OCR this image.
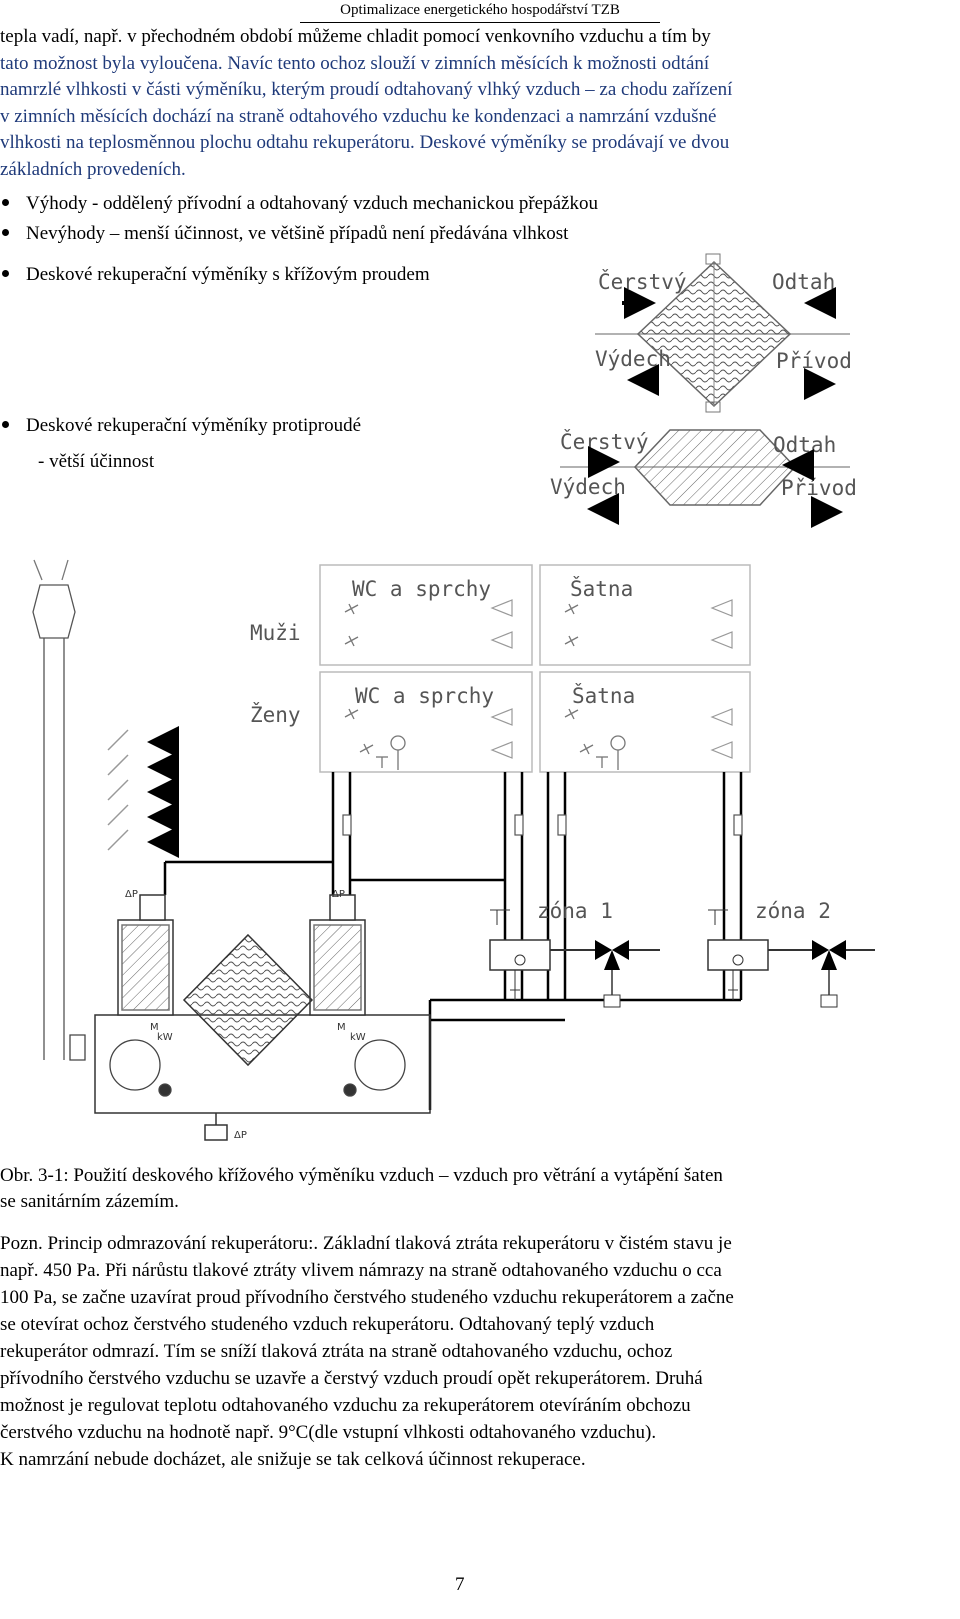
Optimalizace energetického hospodářství TZB
tepla vadí, např. v přechodném období můžeme chladit pomocí venkovního vzduchu a tím by
tato možnost byla vyloučena. Navíc tento ochoz slouží v zimních měsících k možnosti odtání
namrzlé vlhkosti v části výměníku, kterým proudí odtahovaný vlhký vzduch – za chodu zařízení
v zimních měsících dochází na straně odtahového vzduchu ke kondenzaci a namrzání vzdušné
vlhkosti na teplosměnnou plochu odtahu rekuperátoru. Deskové výměníky se prodávají ve dvou
základních provedeních.
Výhody - oddělený přívodní a odtahovaný vzduch mechanickou přepážkou
Nevýhody – menší účinnost, ve většině případů není předávána vlhkost
Deskové rekuperační výměníky s křížovým proudem
Deskové rekuperační výměníky protiproudé
- větší účinnost
Čerstvý	Odtah
Výdech	Přívod
Čerstvý	Odtah
Výdech	Přívod
Muži
Ženy
WC a sprchy	Šatna
WC a sprchy	Šatna
ΔP	ΔP
ΔP
M
kW
M
kW
zóna 1	zóna 2
Obr. 3-1: Použití deskového křížového výměníku vzduch – vzduch pro větrání a vytápění šaten
se sanitárním zázemím.
Pozn. Princip odmrazování rekuperátoru:. Základní tlaková ztráta rekuperátoru v čistém stavu je
např. 450 Pa. Při nárůstu tlakové ztráty vlivem námrazy na straně odtahovaného vzduchu o cca
100 Pa, se začne uzavírat proud přívodního čerstvého studeného vzduchu rekuperátorem a začne
se otevírat ochoz čerstvého studeného vzduch rekuperátoru. Odtahovaný teplý vzduch
rekuperátor odmrazí. Tím se sníží tlaková ztráta na straně odtahovaného vzduchu, ochoz
přívodního čerstvého vzduchu se uzavře a čerstvý vzduch proudí opět rekuperátorem. Druhá
možnost je regulovat teplotu odtahovaného vzduchu za rekuperátorem otevíráním obchozu
čerstvého vzduchu na hodnotě např. 9°C(dle vstupní vlhkosti odtahovaného vzduchu).
K namrzání nebude docházet, ale snižuje se tak celková účinnost rekuperace.
7
